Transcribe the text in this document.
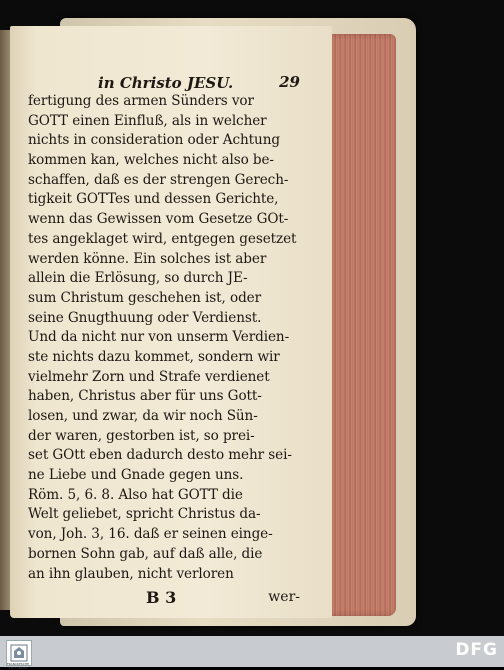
in Christo JESU.	29
fertigung des armen Sünders vor
GOTT einen Einfluß, als in welcher
nichts in consideration oder Achtung
kommen kan, welches nicht also be-
schaffen, daß es der strengen Gerech-
tigkeit GOTTes und dessen Gerichte,
wenn das Gewissen vom Gesetze GOt-
tes angeklaget wird, entgegen gesetzet
werden könne. Ein solches ist aber
allein die Erlösung, so durch JE-
sum Christum geschehen ist, oder
seine Gnugthuung oder Verdienst.
Und da nicht nur von unserm Verdien-
ste nichts dazu kommet, sondern wir
vielmehr Zorn und Strafe verdienet
haben, Christus aber für uns Gott-
losen, und zwar, da wir noch Sün-
der waren, gestorben ist, so prei-
set GOtt eben dadurch desto mehr sei-
ne Liebe und Gnade gegen uns.
Röm. 5, 6. 8. Also hat GOTT die
Welt geliebet, spricht Christus da-
von, Joh. 3, 16. daß er seinen einge-
bornen Sohn gab, auf daß alle, die
an ihn glauben, nicht verloren
B 3	wer-
FRANCKESCHE STIFTUNGEN
DFG
